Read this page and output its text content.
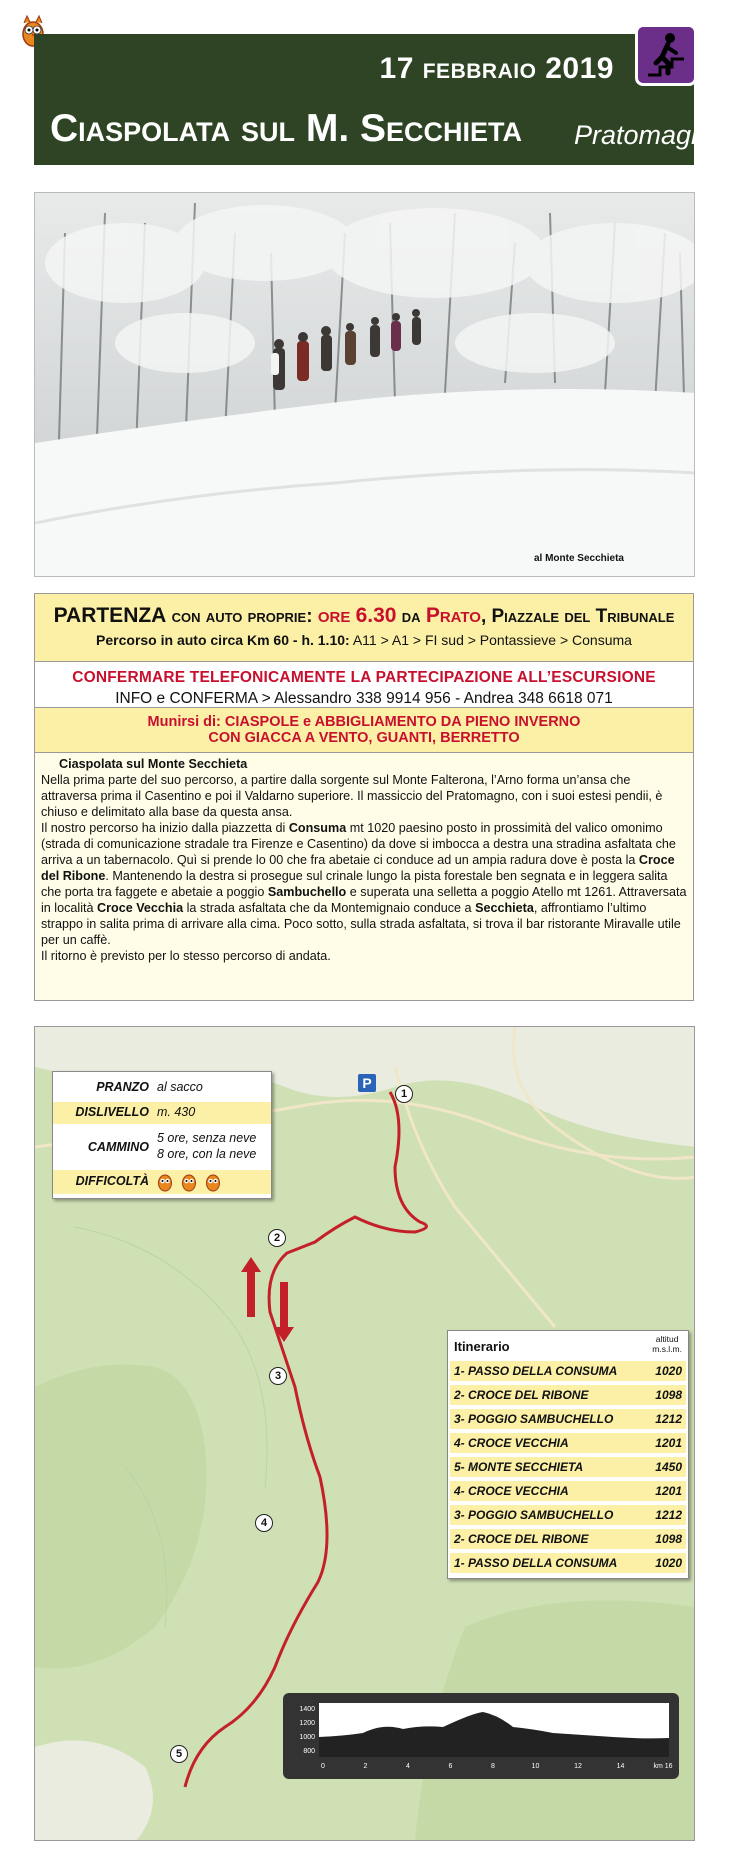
17 FEBBRAIO 2019
Ciaspolata sul M. Secchieta Pratomagno
al Monte Secchieta
PARTENZA con auto proprie: ore 6.30 da Prato, Piazzale del Tribunale
Percorso in auto circa Km 60 - h. 1.10: A11 > A1 > FI sud > Pontassieve > Consuma
CONFERMARE TELEFONICAMENTE LA PARTECIPAZIONE ALL’ESCURSIONE
INFO e CONFERMA > Alessandro 338 9914 956 - Andrea 348 6618 071
Munirsi di: CIASPOLE e ABBIGLIAMENTO DA PIENO INVERNO
CON GIACCA A VENTO, GUANTI, BERRETTO
Ciaspolata sul Monte Secchieta
Nella prima parte del suo percorso, a partire dalla sorgente sul Monte Falterona, l’Arno forma un’ansa che attraversa prima il Casentino e poi il Valdarno superiore. Il massiccio del Pratomagno, con i suoi estesi pendii, è chiuso e delimitato alla base da questa ansa.
Il nostro percorso ha inizio dalla piazzetta di Consuma mt 1020 paesino posto in prossimità del valico omonimo (strada di comunicazione stradale tra Firenze e Casentino) da dove si imbocca a destra una stradina asfaltata che arriva a un tabernacolo. Quì si prende lo 00 che fra abetaie ci conduce ad un ampia radura dove è posta la Croce del Ribone. Mantenendo la destra si prosegue sul crinale lungo la pista forestale ben segnata e in leggera salita che porta tra faggete e abetaie a poggio Sambuchello e superata una selletta a poggio Atello mt 1261. Attraversata in località Croce Vecchia la strada asfaltata che da Montemignaio conduce a Secchieta, affrontiamo l’ultimo strappo in salita prima di arrivare alla cima. Poco sotto, sulla strada asfaltata, si trova il bar ristorante Miravalle utile per un caffè.
Il ritorno è previsto per lo stesso percorso di andata.
P
1
2
3
4
5
PRANZO al sacco
DISLIVELLO m. 430
CAMMINO
5 ore, senza neve
8 ore, con la neve
DIFFICOLTÀ
Itinerario	altitud
m.s.l.m.
1- PASSO DELLA CONSUMA	1020
2- CROCE DEL RIBONE	1098
3- POGGIO SAMBUCHELLO	1212
4- CROCE VECCHIA	1201
5- MONTE SECCHIETA	1450
4- CROCE VECCHIA	1201
3- POGGIO SAMBUCHELLO	1212
2- CROCE DEL RIBONE	1098
1- PASSO DELLA CONSUMA	1020
1400
1200
1000
800
0	2	4	6	8	10	12	14	km 16
